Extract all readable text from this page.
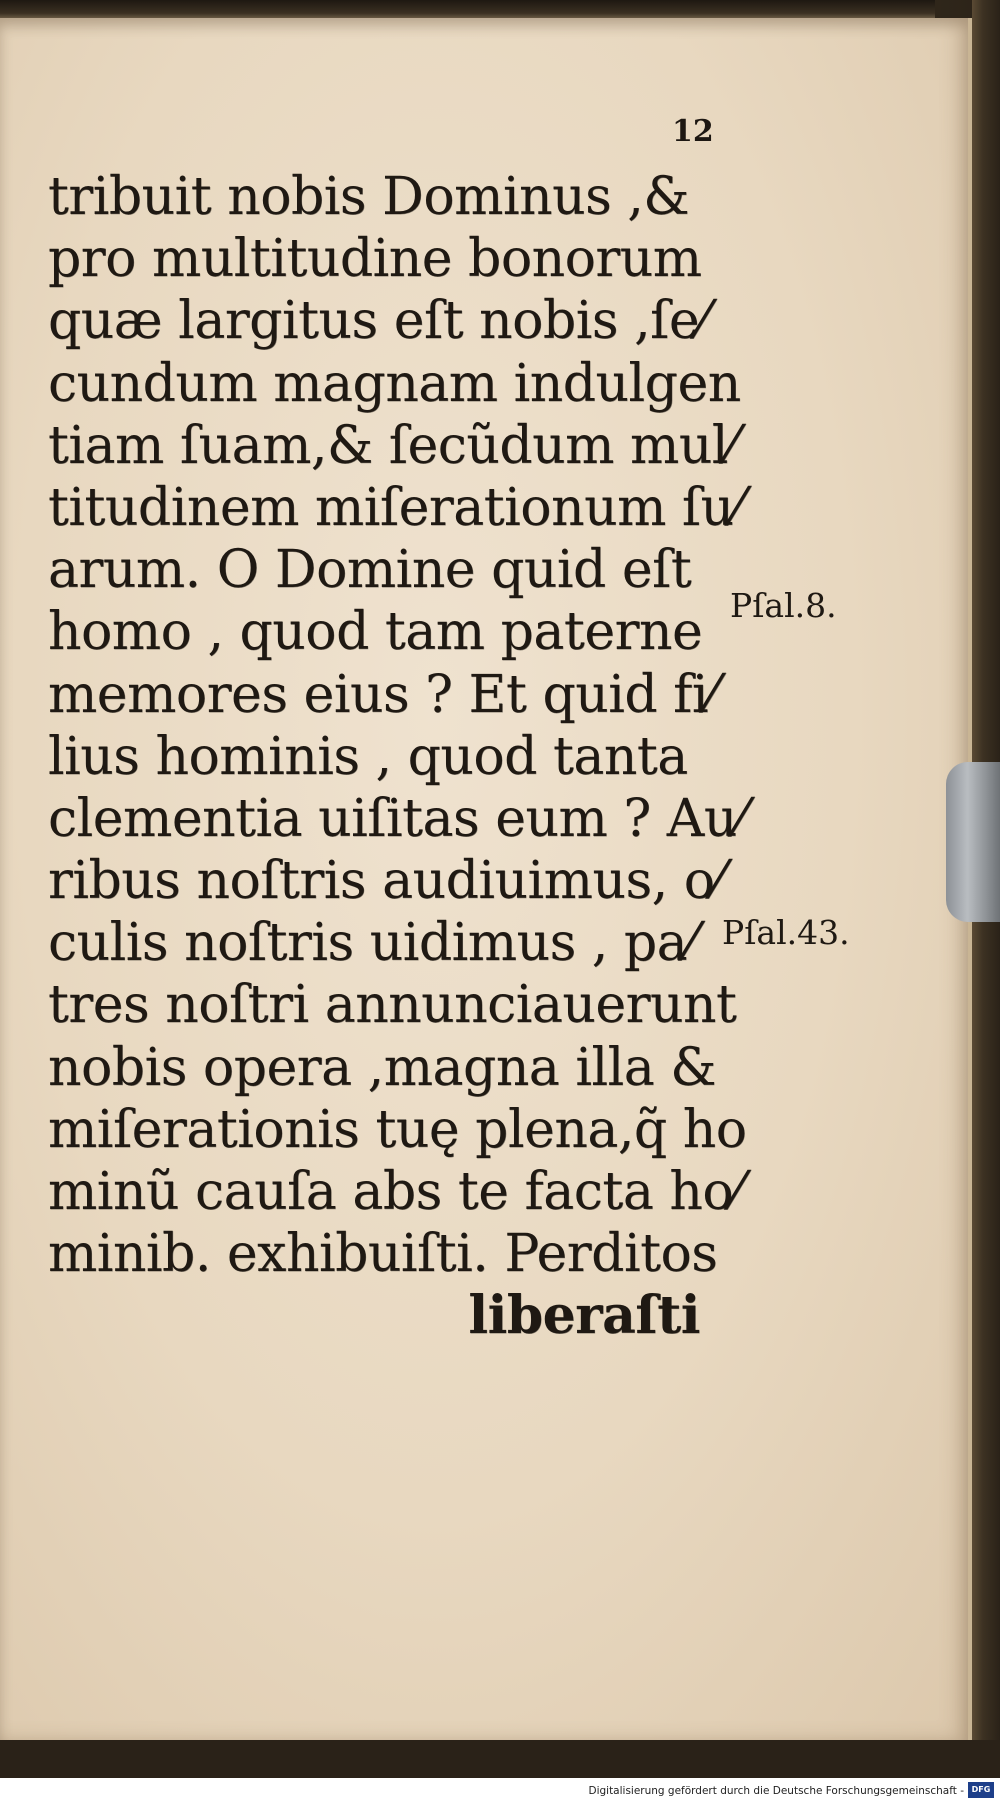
12
tribuit nobis Dominus ,&
pro multitudine bonorum
quæ largitus eſt nobis ,ſe⁄
cundum magnam indulgen
tiam ſuam,& ſecũdum mul⁄
titudinem miſerationum ſu⁄
arum. O Domine quid eſt
homo , quod tam paterne
memores eius ? Et quid fi⁄
lius hominis , quod tanta
clementia uiſitas eum ? Au⁄
ribus noſtris audiuimus, o⁄
culis noſtris uidimus , pa⁄
tres noſtri annunciauerunt
nobis opera ,magna illa &
miſerationis tuę plena,q̃ ho
minũ cauſa abs te facta ho⁄
minib. exhibuiſti. Perditos
liberaſti
Pſal.8.
Pſal.43.
Digitalisierung gefördert durch die Deutsche Forschungsgemeinschaft - DFG
